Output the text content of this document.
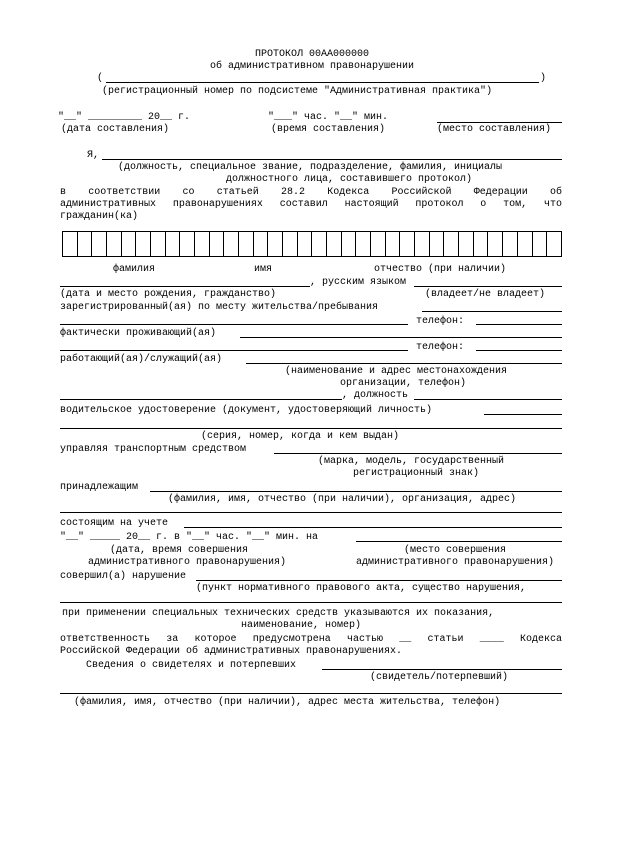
ПРОТОКОЛ 00АА000000
об административном правонарушении
(	)
(регистрационный номер по подсистеме "Административная практика")
"__" _________ 20__ г.	"___" час. "__" мин.
(дата составления)	(время составления)	(место составления)
Я,
(должность, специальное звание, подразделение, фамилия, инициалы
должностного лица, составившего протокол)
в соответствии со статьей 28.2 Кодекса Российской Федерации об
административных правонарушениях составил настоящий протокол о том, что
гражданин(ка)
фамилия	имя	отчество (при наличии)
, русским языком
(дата и место рождения, гражданство)	(владеет/не владеет)
зарегистрированный(ая) по месту жительства/пребывания
телефон:
фактически проживающий(ая)
телефон:
работающий(ая)/служащий(ая)
(наименование и адрес местонахождения
организации, телефон)
, должность
водительское удостоверение (документ, удостоверяющий личность)
(серия, номер, когда и кем выдан)
управляя транспортным средством
(марка, модель, государственный
регистрационный знак)
принадлежащим
(фамилия, имя, отчество (при наличии), организация, адрес)
состоящим на учете
"__" _____ 20__ г. в "__" час. "__" мин. на
(дата, время совершения
административного правонарушения)
(место совершения
административного правонарушения)
совершил(а) нарушение
(пункт нормативного правового акта, существо нарушения,
при применении специальных технических средств указываются их показания,
наименование, номер)
ответственность за которое предусмотрена частью __ статьи ____ Кодекса
Российской Федерации об административных правонарушениях.
Сведения о свидетелях и потерпевших
(свидетель/потерпевший)
(фамилия, имя, отчество (при наличии), адрес места жительства, телефон)
